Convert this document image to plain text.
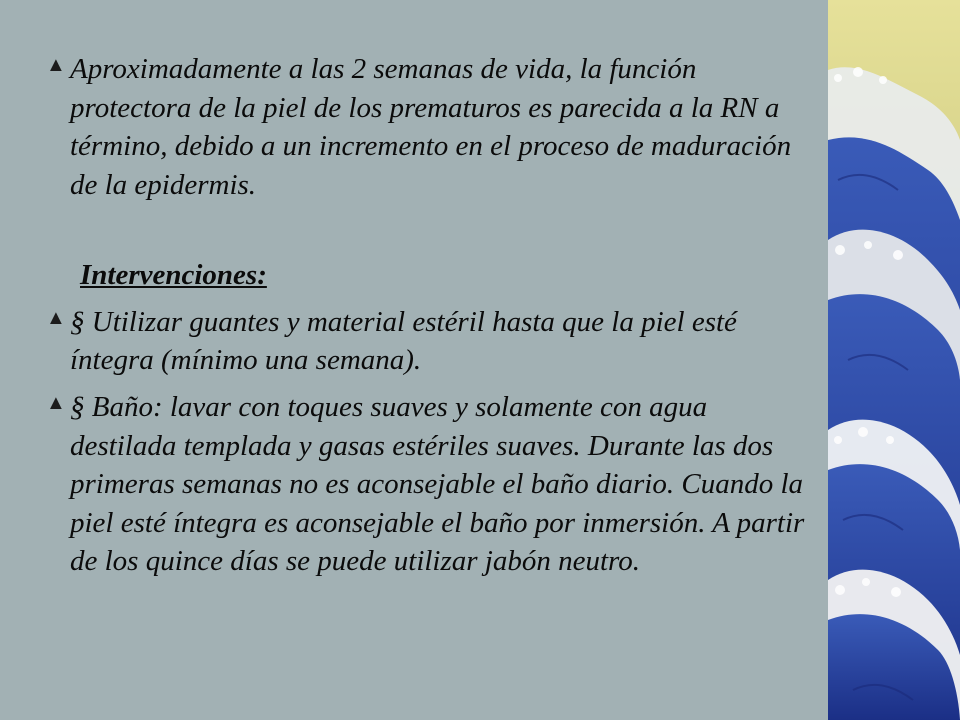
▲ Aproximadamente a las 2 semanas de vida, la función protectora de la piel de los prematuros es parecida a la RN a término, debido a un incremento en el proceso de maduración de la epidermis.
Intervenciones:
▲ § Utilizar guantes y material estéril hasta que la piel esté íntegra (mínimo una semana).
▲ § Baño: lavar con toques suaves y solamente con agua destilada templada y gasas estériles suaves. Durante las dos primeras semanas no es aconsejable el baño diario. Cuando la piel esté íntegra es aconsejable el baño por inmersión. A partir de los quince días se puede utilizar jabón neutro.
